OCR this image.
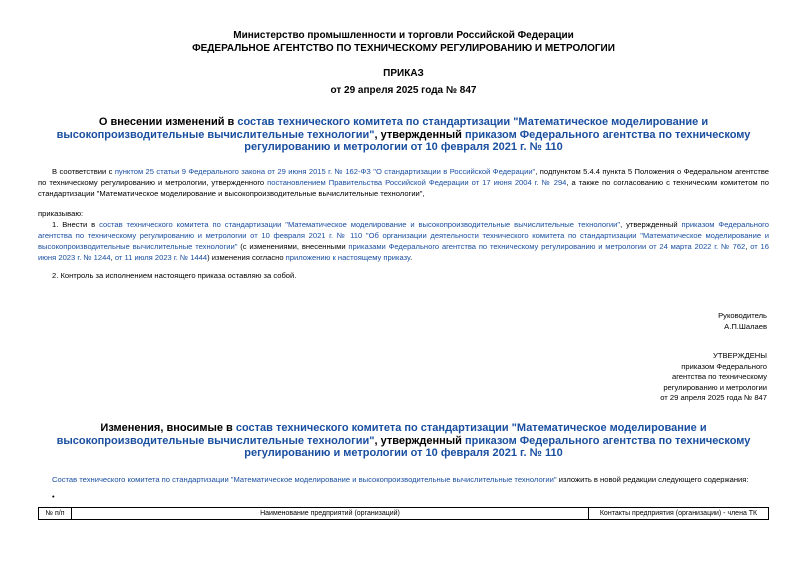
Министерство промышленности и торговли Российской Федерации
ФЕДЕРАЛЬНОЕ АГЕНТСТВО ПО ТЕХНИЧЕСКОМУ РЕГУЛИРОВАНИЮ И МЕТРОЛОГИИ
ПРИКАЗ
от 29 апреля 2025 года № 847
О внесении изменений в состав технического комитета по стандартизации "Математическое моделирование и высокопроизводительные вычислительные технологии", утвержденный приказом Федерального агентства по техническому регулированию и метрологии от 10 февраля 2021 г. № 110
В соответствии с пунктом 25 статьи 9 Федерального закона от 29 июня 2015 г. № 162-ФЗ "О стандартизации в Российской Федерации", подпунктом 5.4.4 пункта 5 Положения о Федеральном агентстве по техническому регулированию и метрологии, утвержденного постановлением Правительства Российской Федерации от 17 июня 2004 г. № 294, а также по согласованию с техническим комитетом по стандартизации "Математическое моделирование и высокопроизводительные вычислительные технологии",
приказываю:
1. Внести в состав технического комитета по стандартизации "Математическое моделирование и высокопроизводительные вычислительные технологии", утвержденный приказом Федерального агентства по техническому регулированию и метрологии от 10 февраля 2021 г. № 110 "Об организации деятельности технического комитета по стандартизации "Математическое моделирование и высокопроизводительные вычислительные технологии" (с изменениями, внесенными приказами Федерального агентства по техническому регулированию и метрологии от 24 марта 2022 г. № 762, от 16 июня 2023 г. № 1244, от 11 июля 2023 г. № 1444) изменения согласно приложению к настоящему приказу.
2. Контроль за исполнением настоящего приказа оставляю за собой.
Руководитель
А.П.Шалаев
УТВЕРЖДЕНЫ
приказом Федерального
агентства по техническому
регулированию и метрологии
от 29 апреля 2025 года № 847
Изменения, вносимые в состав технического комитета по стандартизации "Математическое моделирование и высокопроизводительные вычислительные технологии", утвержденный приказом Федерального агентства по техническому регулированию и метрологии от 10 февраля 2021 г. № 110
Состав технического комитета по стандартизации "Математическое моделирование и высокопроизводительные вычислительные технологии" изложить в новой редакции следующего содержания:
•
№ п/п	Наименование предприятий (организаций)	Контакты предприятия (организации) - члена ТК
